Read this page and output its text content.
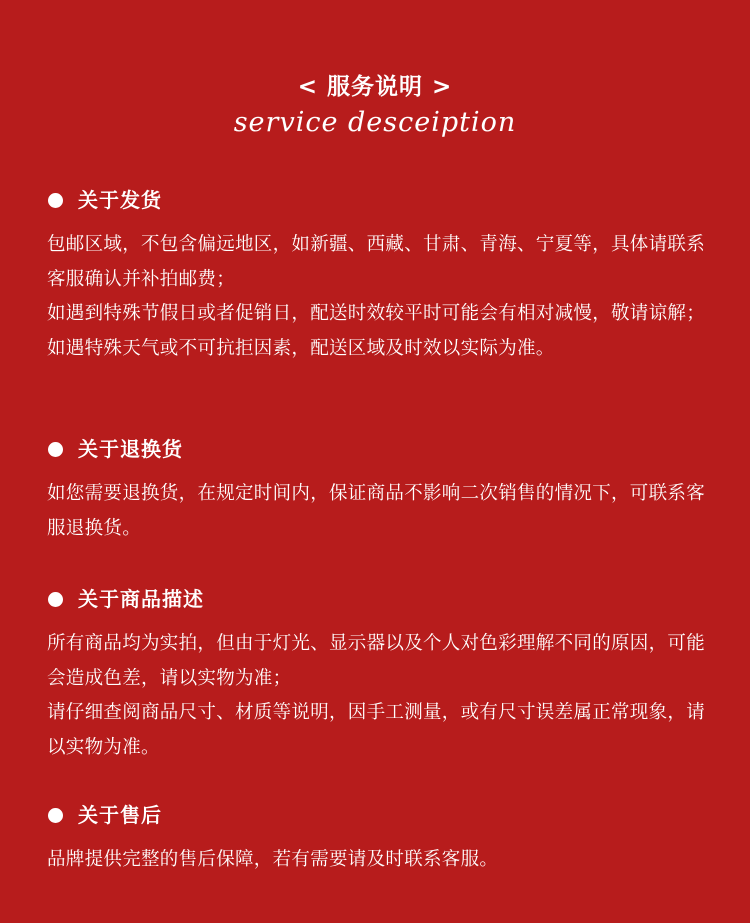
< 服务说明 >
service desceiption
关于发货

包邮区域，不包含偏远地区，如新疆、西藏、甘肃、青海、宁夏等，具体请联系客服确认并补拍邮费；

如遇到特殊节假日或者促销日，配送时效较平时可能会有相对减慢，敬请谅解；

如遇特殊天气或不可抗拒因素，配送区域及时效以实际为准。

关于退换货

如您需要退换货，在规定时间内，保证商品不影响二次销售的情况下，可联系客服退换货。

关于商品描述

所有商品均为实拍，但由于灯光、显示器以及个人对色彩理解不同的原因，可能会造成色差，请以实物为准；

请仔细查阅商品尺寸、材质等说明，因手工测量，或有尺寸误差属正常现象，请以实物为准。

关于售后

品牌提供完整的售后保障，若有需要请及时联系客服。
